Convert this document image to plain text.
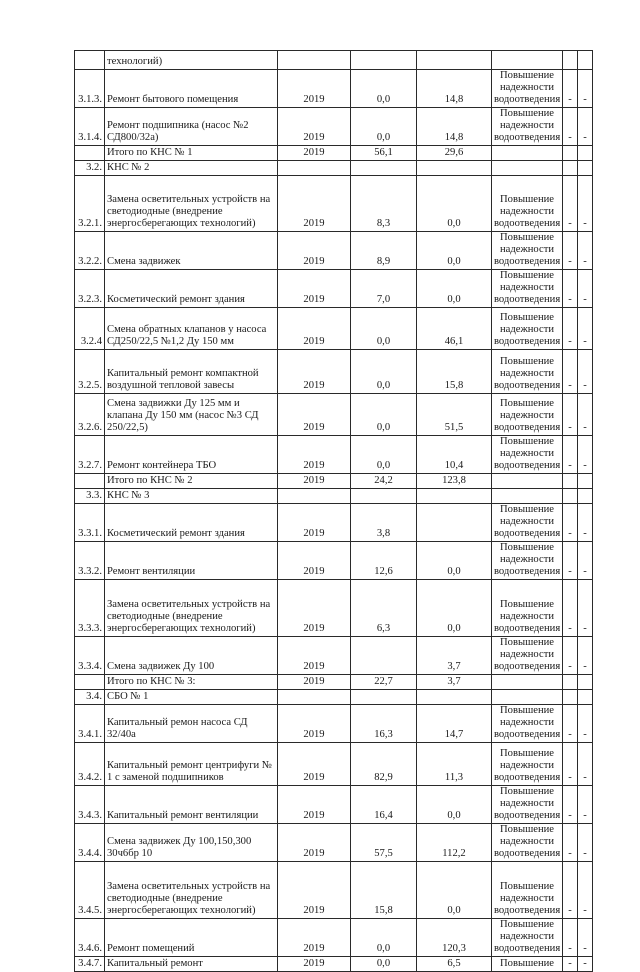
	технологий)						
3.1.3.	Ремонт бытового помещения	2019	0,0	14,8	Повышение надежности водоотведения	-	-
3.1.4.	Ремонт подшипника (насос №2 СД800/32а)	2019	0,0	14,8	Повышение надежности водоотведения	-	-
	Итого по КНС № 1	2019	56,1	29,6			
3.2.	КНС № 2						
3.2.1.	Замена осветительных устройств на светодиодные (внедрение энергосберегающих технологий)	2019	8,3	0,0	Повышение надежности водоотведения	-	-
3.2.2.	Смена задвижек	2019	8,9	0,0	Повышение надежности водоотведения	-	-
3.2.3.	Косметический ремонт здания	2019	7,0	0,0	Повышение надежности водоотведения	-	-
3.2.4	Смена обратных клапанов у насоса СД250/22,5 №1,2 Ду 150 мм	2019	0,0	46,1	Повышение надежности водоотведения	-	-
3.2.5.	Капитальный ремонт компактной воздушной тепловой завесы	2019	0,0	15,8	Повышение надежности водоотведения	-	-
3.2.6.	Смена задвижки Ду 125 мм и клапана Ду 150 мм (насос №3 СД 250/22,5)	2019	0,0	51,5	Повышение надежности водоотведения	-	-
3.2.7.	Ремонт контейнера ТБО	2019	0,0	10,4	Повышение надежности водоотведения	-	-
	Итого по КНС № 2	2019	24,2	123,8			
3.3.	КНС № 3						
3.3.1.	Косметический ремонт здания	2019	3,8		Повышение надежности водоотведения	-	-
3.3.2.	Ремонт вентиляции	2019	12,6	0,0	Повышение надежности водоотведения	-	-
3.3.3.	Замена осветительных устройств на светодиодные (внедрение энергосберегающих технологий)	2019	6,3	0,0	Повышение надежности водоотведения	-	-
3.3.4.	Смена задвижек Ду 100	2019		3,7	Повышение надежности водоотведения	-	-
	Итого по КНС № 3:	2019	22,7	3,7			
3.4.	СБО № 1						
3.4.1.	Капитальный ремон насоса СД 32/40а	2019	16,3	14,7	Повышение надежности водоотведения	-	-
3.4.2.	Капитальный ремонт центрифуги № 1 с заменой подшипников	2019	82,9	11,3	Повышение надежности водоотведения	-	-
3.4.3.	Капитальный ремонт вентиляции	2019	16,4	0,0	Повышение надежности водоотведения	-	-
3.4.4.	Смена задвижек Ду 100,150,300 30ч6бр 10	2019	57,5	112,2	Повышение надежности водоотведения	-	-
3.4.5.	Замена осветительных устройств на светодиодные (внедрение энергосберегающих технологий)	2019	15,8	0,0	Повышение надежности водоотведения	-	-
3.4.6.	Ремонт помещений	2019	0,0	120,3	Повышение надежности водоотведения	-	-
3.4.7.	Капитальный ремонт	2019	0,0	6,5	Повышение	-	-
